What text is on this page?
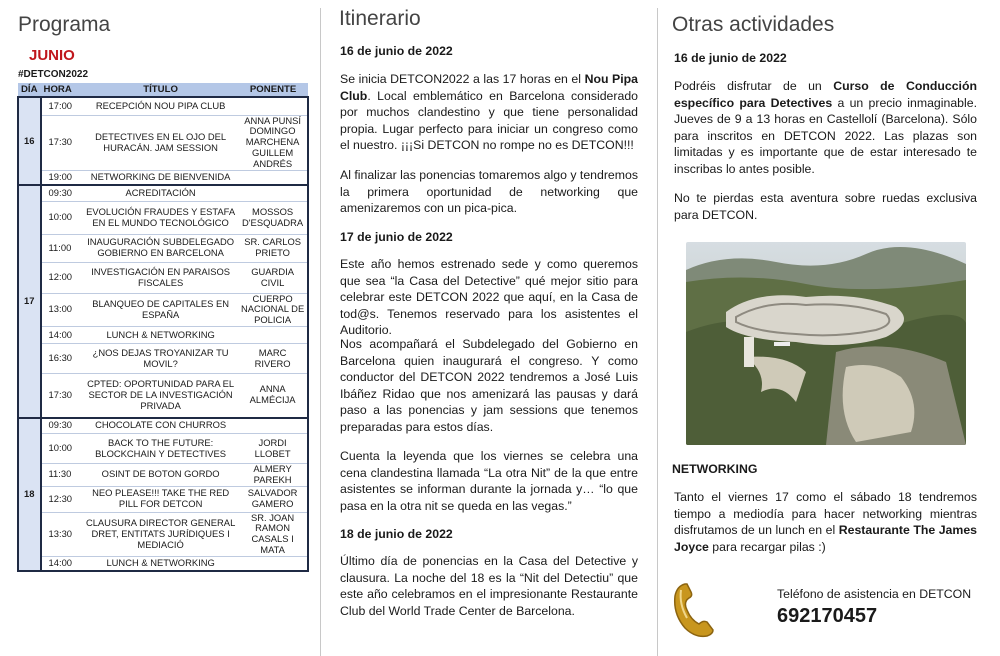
Programa
JUNIO
#DETCON2022
DÍA	HORA	TÍTULO	PONENTE
16	17:00	RECEPCIÓN NOU PIPA CLUB	
	17:30	DETECTIVES EN EL OJO DEL HURACÁN. JAM SESSION	ANNA PUNSÍ DOMINGO MARCHENA GUILLEM ANDRÉS
	19:00	NETWORKING DE BIENVENIDA	
17	09:30	ACREDITACIÓN	
	10:00	EVOLUCIÓN FRAUDES Y ESTAFA EN EL MUNDO TECNOLÓGICO	MOSSOS D'ESQUADRA
	11:00	INAUGURACIÓN SUBDELEGADO GOBIERNO EN BARCELONA	SR. CARLOS PRIETO
	12:00	INVESTIGACIÓN EN PARAISOS FISCALES	GUARDIA CIVIL
	13:00	BLANQUEO DE CAPITALES EN ESPAÑA	CUERPO NACIONAL DE POLICIA
	14:00	LUNCH & NETWORKING	
	16:30	¿NOS DEJAS TROYANIZAR TU MOVIL?	MARC RIVERO
	17:30	CPTED: OPORTUNIDAD PARA EL SECTOR DE LA INVESTIGACIÓN PRIVADA	ANNA ALMÉCIJA
18	09:30	CHOCOLATE CON CHURROS	
	10:00	BACK TO THE FUTURE: BLOCKCHAIN Y DETECTIVES	JORDI LLOBET
	11:30	OSINT DE BOTON GORDO	ALMERY PAREKH
	12:30	NEO PLEASE!!! TAKE THE RED PILL FOR DETCON	SALVADOR GAMERO
	13:30	CLAUSURA DIRECTOR GENERAL DRET, ENTITATS JURÍDIQUES I MEDIACIÓ	SR. JOAN RAMON CASALS I MATA
	14:00	LUNCH & NETWORKING	
Itinerario
16 de junio de 2022
Se inicia DETCON2022 a las 17 horas en el Nou Pipa Club. Local emblemático en Barcelona considerado por muchos clandestino y que tiene personalidad propia. Lugar perfecto para iniciar un congreso como el nuestro. ¡¡¡Si DETCON no rompe no es DETCON!!!
Al finalizar las ponencias tomaremos algo y tendremos la primera oportunidad de networking que amenizaremos con un pica-pica.
17 de junio de 2022
Este año hemos estrenado sede y como queremos que sea “la Casa del Detective” qué mejor sitio para celebrar este DETCON 2022 que aquí, en la Casa de tod@s. Tenemos reservado para los asistentes el Auditorio.
Nos acompañará el Subdelegado del Gobierno en Barcelona quien inaugurará el congreso. Y como conductor del DETCON 2022 tendremos a José Luis Ibáñez Ridao que nos amenizará las pausas y dará paso a las ponencias y jam sessions que tenemos preparadas para estos días.
Cuenta la leyenda que los viernes se celebra una cena clandestina llamada “La otra Nit” de la que entre asistentes se informan durante la jornada y… “lo que pasa en la otra nit se queda en las vegas.”
18 de junio de 2022
Último día de ponencias en la Casa del Detective y clausura. La noche del 18 es la “Nit del Detectiu” que este año celebramos en el impresionante Restaurante Club del World Trade Center de Barcelona.
Otras actividades
16 de junio de 2022
Podréis disfrutar de un Curso de Conducción específico para Detectives a un precio inmaginable. Jueves de 9 a 13 horas en Castellolí (Barcelona). Sólo para inscritos en DETCON 2022. Las plazas son limitadas y es importante que de estar interesado te inscribas lo antes posible.
No te pierdas esta aventura sobre ruedas exclusiva para DETCON.
NETWORKING
Tanto el viernes 17 como el sábado 18 tendremos tiempo a mediodía para hacer networking mientras disfrutamos de un lunch en el Restaurante The James Joyce para recargar pilas :)
Teléfono de asistencia en DETCON
692170457
